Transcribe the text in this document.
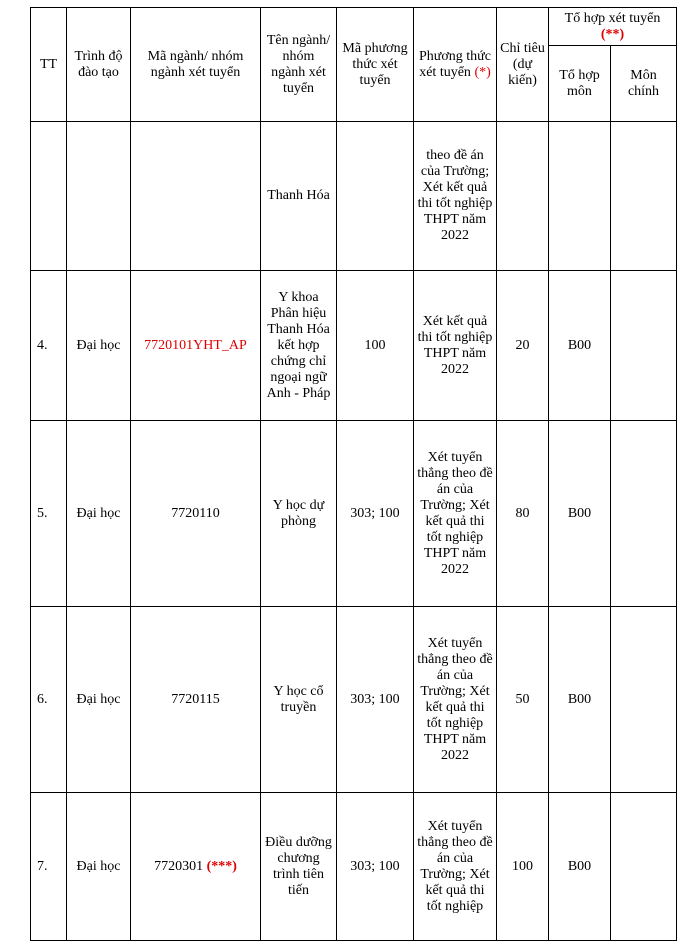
TT	Trình độ đào tạo	Mã ngành/ nhóm ngành xét tuyển	Tên ngành/ nhóm ngành xét tuyển	Mã phương thức xét tuyển	Phương thức xét tuyển (*)	Chỉ tiêu (dự kiến)	Tổ hợp xét tuyển (**)	
							Tổ hợp môn	Môn chính
			Thanh Hóa		theo đề án của Trường; Xét kết quả thi tốt nghiệp THPT năm 2022			
4.	Đại học	7720101YHT_AP	Y khoa Phân hiệu Thanh Hóa kết hợp chứng chỉ ngoại ngữ Anh - Pháp	100	Xét kết quả thi tốt nghiệp THPT năm 2022	20	B00	
5.	Đại học	7720110	Y học dự phòng	303; 100	Xét tuyển thẳng theo đề án của Trường; Xét kết quả thi tốt nghiệp THPT năm 2022	80	B00	
6.	Đại học	7720115	Y học cổ truyền	303; 100	Xét tuyển thẳng theo đề án của Trường; Xét kết quả thi tốt nghiệp THPT năm 2022	50	B00	
7.	Đại học	7720301 (***)	Điều dưỡng chương trình tiên tiến	303; 100	Xét tuyển thẳng theo đề án của Trường; Xét kết quả thi tốt nghiệp	100	B00	
